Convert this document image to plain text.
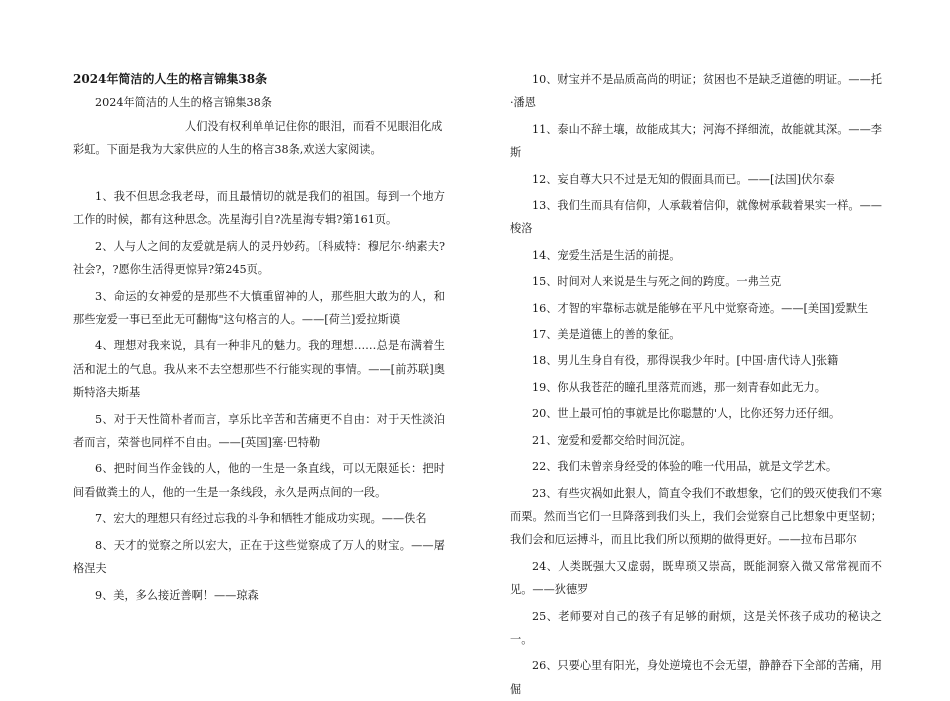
2024年简洁的人生的格言锦集38条

2024年简洁的人生的格言锦集38条

人们没有权利单单记住你的眼泪，而看不见眼泪化成彩虹。下面是我为大家供应的人生的格言38条,欢送大家阅读。

1、我不但思念我老母，而且最情切的就是我们的祖国。每到一个地方工作的时候，都有这种思念。冼星海引自?冼星海专辑?第161页。

2、人与人之间的友爱就是病人的灵丹妙药。〔科威特：穆尼尔·纳素夫?社会?，?愿你生活得更惊异?第245页。

3、命运的女神爱的是那些不大慎重留神的人，那些胆大敢为的人，和那些宠爱一事已至此无可翻悔"这句格言的人。——[荷兰]爱拉斯谟

4、理想对我来说，具有一种非凡的魅力。我的理想……总是布满着生活和泥土的气息。我从来不去空想那些不行能实现的事情。——[前苏联]奥斯特洛夫斯基

5、对于天性简朴者而言，享乐比辛苦和苦痛更不自由：对于天性淡泊者而言，荣誉也同样不自由。——[英国]塞·巴特勒

6、把时间当作金钱的人，他的一生是一条直线，可以无限延长：把时间看做粪土的人，他的一生是一条线段，永久是两点间的一段。

7、宏大的理想只有经过忘我的斗争和牺牲才能成功实现。——佚名

8、天才的觉察之所以宏大，正在于这些觉察成了万人的财宝。——屠格涅夫

9、美，多么接近善啊！——琼森

10、财宝并不是品质高尚的明证；贫困也不是缺乏道德的明证。——托·潘恩

11、泰山不辞土壤，故能成其大；河海不择细流，故能就其深。——李斯

12、妄自尊大只不过是无知的假面具而已。——[法国]伏尔泰

13、我们生而具有信仰，人承载着信仰，就像树承载着果实一样。——梭洛

14、宠爱生活是生活的前提。

15、时间对人来说是生与死之间的跨度。一弗兰克

16、才智的牢靠标志就是能够在平凡中觉察奇迹。——[美国]爱默生

17、美是道德上的善的象征。

18、男儿生身自有役，那得误我少年时。[中国·唐代诗人]张籍

19、你从我苍茫的瞳孔里落荒而逃，那一刻青春如此无力。

20、世上最可怕的事就是比你聪慧的'人，比你还努力还仔细。

21、宠爱和爱都交给时间沉淀。

22、我们未曾亲身经受的体验的唯一代用品，就是文学艺术。

23、有些灾祸如此狠人，简直令我们不敢想象，它们的毁灭使我们不寒而栗。然而当它们一旦降落到我们头上，我们会觉察自己比想象中更坚韧；我们会和厄运搏斗，而且比我们所以预期的做得更好。——拉布吕耶尔

24、人类既强大又虚弱，既卑琐又崇高，既能洞察入微又常常视而不见。——狄德罗

25、老师要对自己的孩子有足够的耐烦，这是关怀孩子成功的秘诀之一。

26、只要心里有阳光，身处逆境也不会无望，静静吞下全部的苦痛，用倔
